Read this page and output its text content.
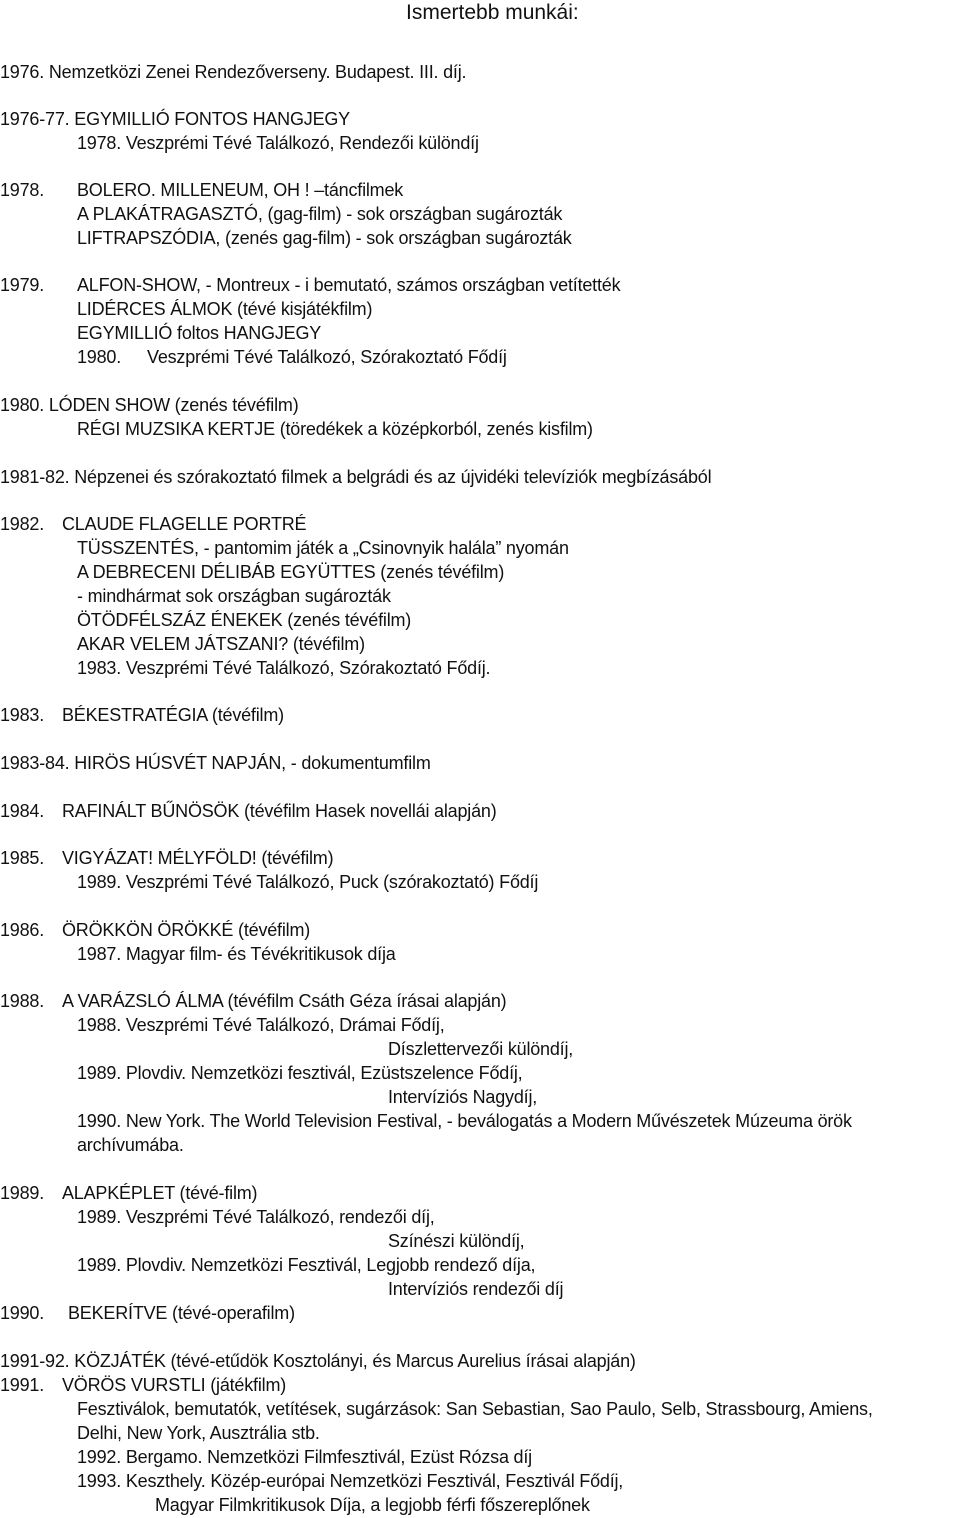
Ismertebb munkái:
1976. Nemzetközi Zenei Rendezőverseny. Budapest. III. díj.
1976-77. EGYMILLIÓ FONTOS HANGJEGY
1978. Veszprémi Tévé Találkozó, Rendezői különdíj
1978. BOLERO. MILLENEUM, OH ! –táncfilmek
A PLAKÁTRAGASZTÓ, (gag-film) - sok országban sugározták
LIFTRAPSZÓDIA, (zenés gag-film) - sok országban sugározták
1979. ALFON-SHOW, - Montreux - i bemutató, számos országban vetítették
LIDÉRCES ÁLMOK (tévé kisjátékfilm)
EGYMILLIÓ foltos HANGJEGY
1980. Veszprémi Tévé Találkozó, Szórakoztató Fődíj
1980. LÓDEN SHOW (zenés tévéfilm)
RÉGI MUZSIKA KERTJE (töredékek a középkorból, zenés kisfilm)
1981-82. Népzenei és szórakoztató filmek a belgrádi és az újvidéki televíziók megbízásából
1982. CLAUDE FLAGELLE PORTRÉ
TÜSSZENTÉS, - pantomim játék a „Csinovnyik halála” nyomán
A DEBRECENI DÉLIBÁB EGYÜTTES (zenés tévéfilm)
- mindhármat sok országban sugározták
ÖTÖDFÉLSZÁZ ÉNEKEK (zenés tévéfilm)
AKAR VELEM JÁTSZANI? (tévéfilm)
1983. Veszprémi Tévé Találkozó, Szórakoztató Fődíj.
1983. BÉKESTRATÉGIA (tévéfilm)
1983-84. HIRÖS HÚSVÉT NAPJÁN, - dokumentumfilm
1984. RAFINÁLT BŰNÖSÖK (tévéfilm Hasek novellái alapján)
1985. VIGYÁZAT! MÉLYFÖLD! (tévéfilm)
1989. Veszprémi Tévé Találkozó, Puck (szórakoztató) Fődíj
1986. ÖRÖKKÖN ÖRÖKKÉ (tévéfilm)
1987. Magyar film- és Tévékritikusok díja
1988. A VARÁZSLÓ ÁLMA (tévéfilm Csáth Géza írásai alapján)
1988. Veszprémi Tévé Találkozó, Drámai Fődíj,
Díszlettervezői különdíj,
1989. Plovdiv. Nemzetközi fesztivál, Ezüstszelence Fődíj,
Intervíziós Nagydíj,
1990. New York. The World Television Festival, - beválogatás a Modern Művészetek Múzeuma örök
archívumába.
1989. ALAPKÉPLET (tévé-film)
1989. Veszprémi Tévé Találkozó, rendezői díj,
Színészi különdíj,
1989. Plovdiv. Nemzetközi Fesztivál, Legjobb rendező díja,
Intervíziós rendezői díj
1990. BEKERÍTVE (tévé-operafilm)
1991-92. KÖZJÁTÉK (tévé-etűdök Kosztolányi, és Marcus Aurelius írásai alapján)
1991. VÖRÖS VURSTLI (játékfilm)
Fesztiválok, bemutatók, vetítések, sugárzások: San Sebastian, Sao Paulo, Selb, Strassbourg, Amiens,
Delhi, New York, Ausztrália stb.
1992. Bergamo. Nemzetközi Filmfesztivál, Ezüst Rózsa díj
1993. Keszthely. Közép-európai Nemzetközi Fesztivál, Fesztivál Fődíj,
Magyar Filmkritikusok Díja, a legjobb férfi főszereplőnek
